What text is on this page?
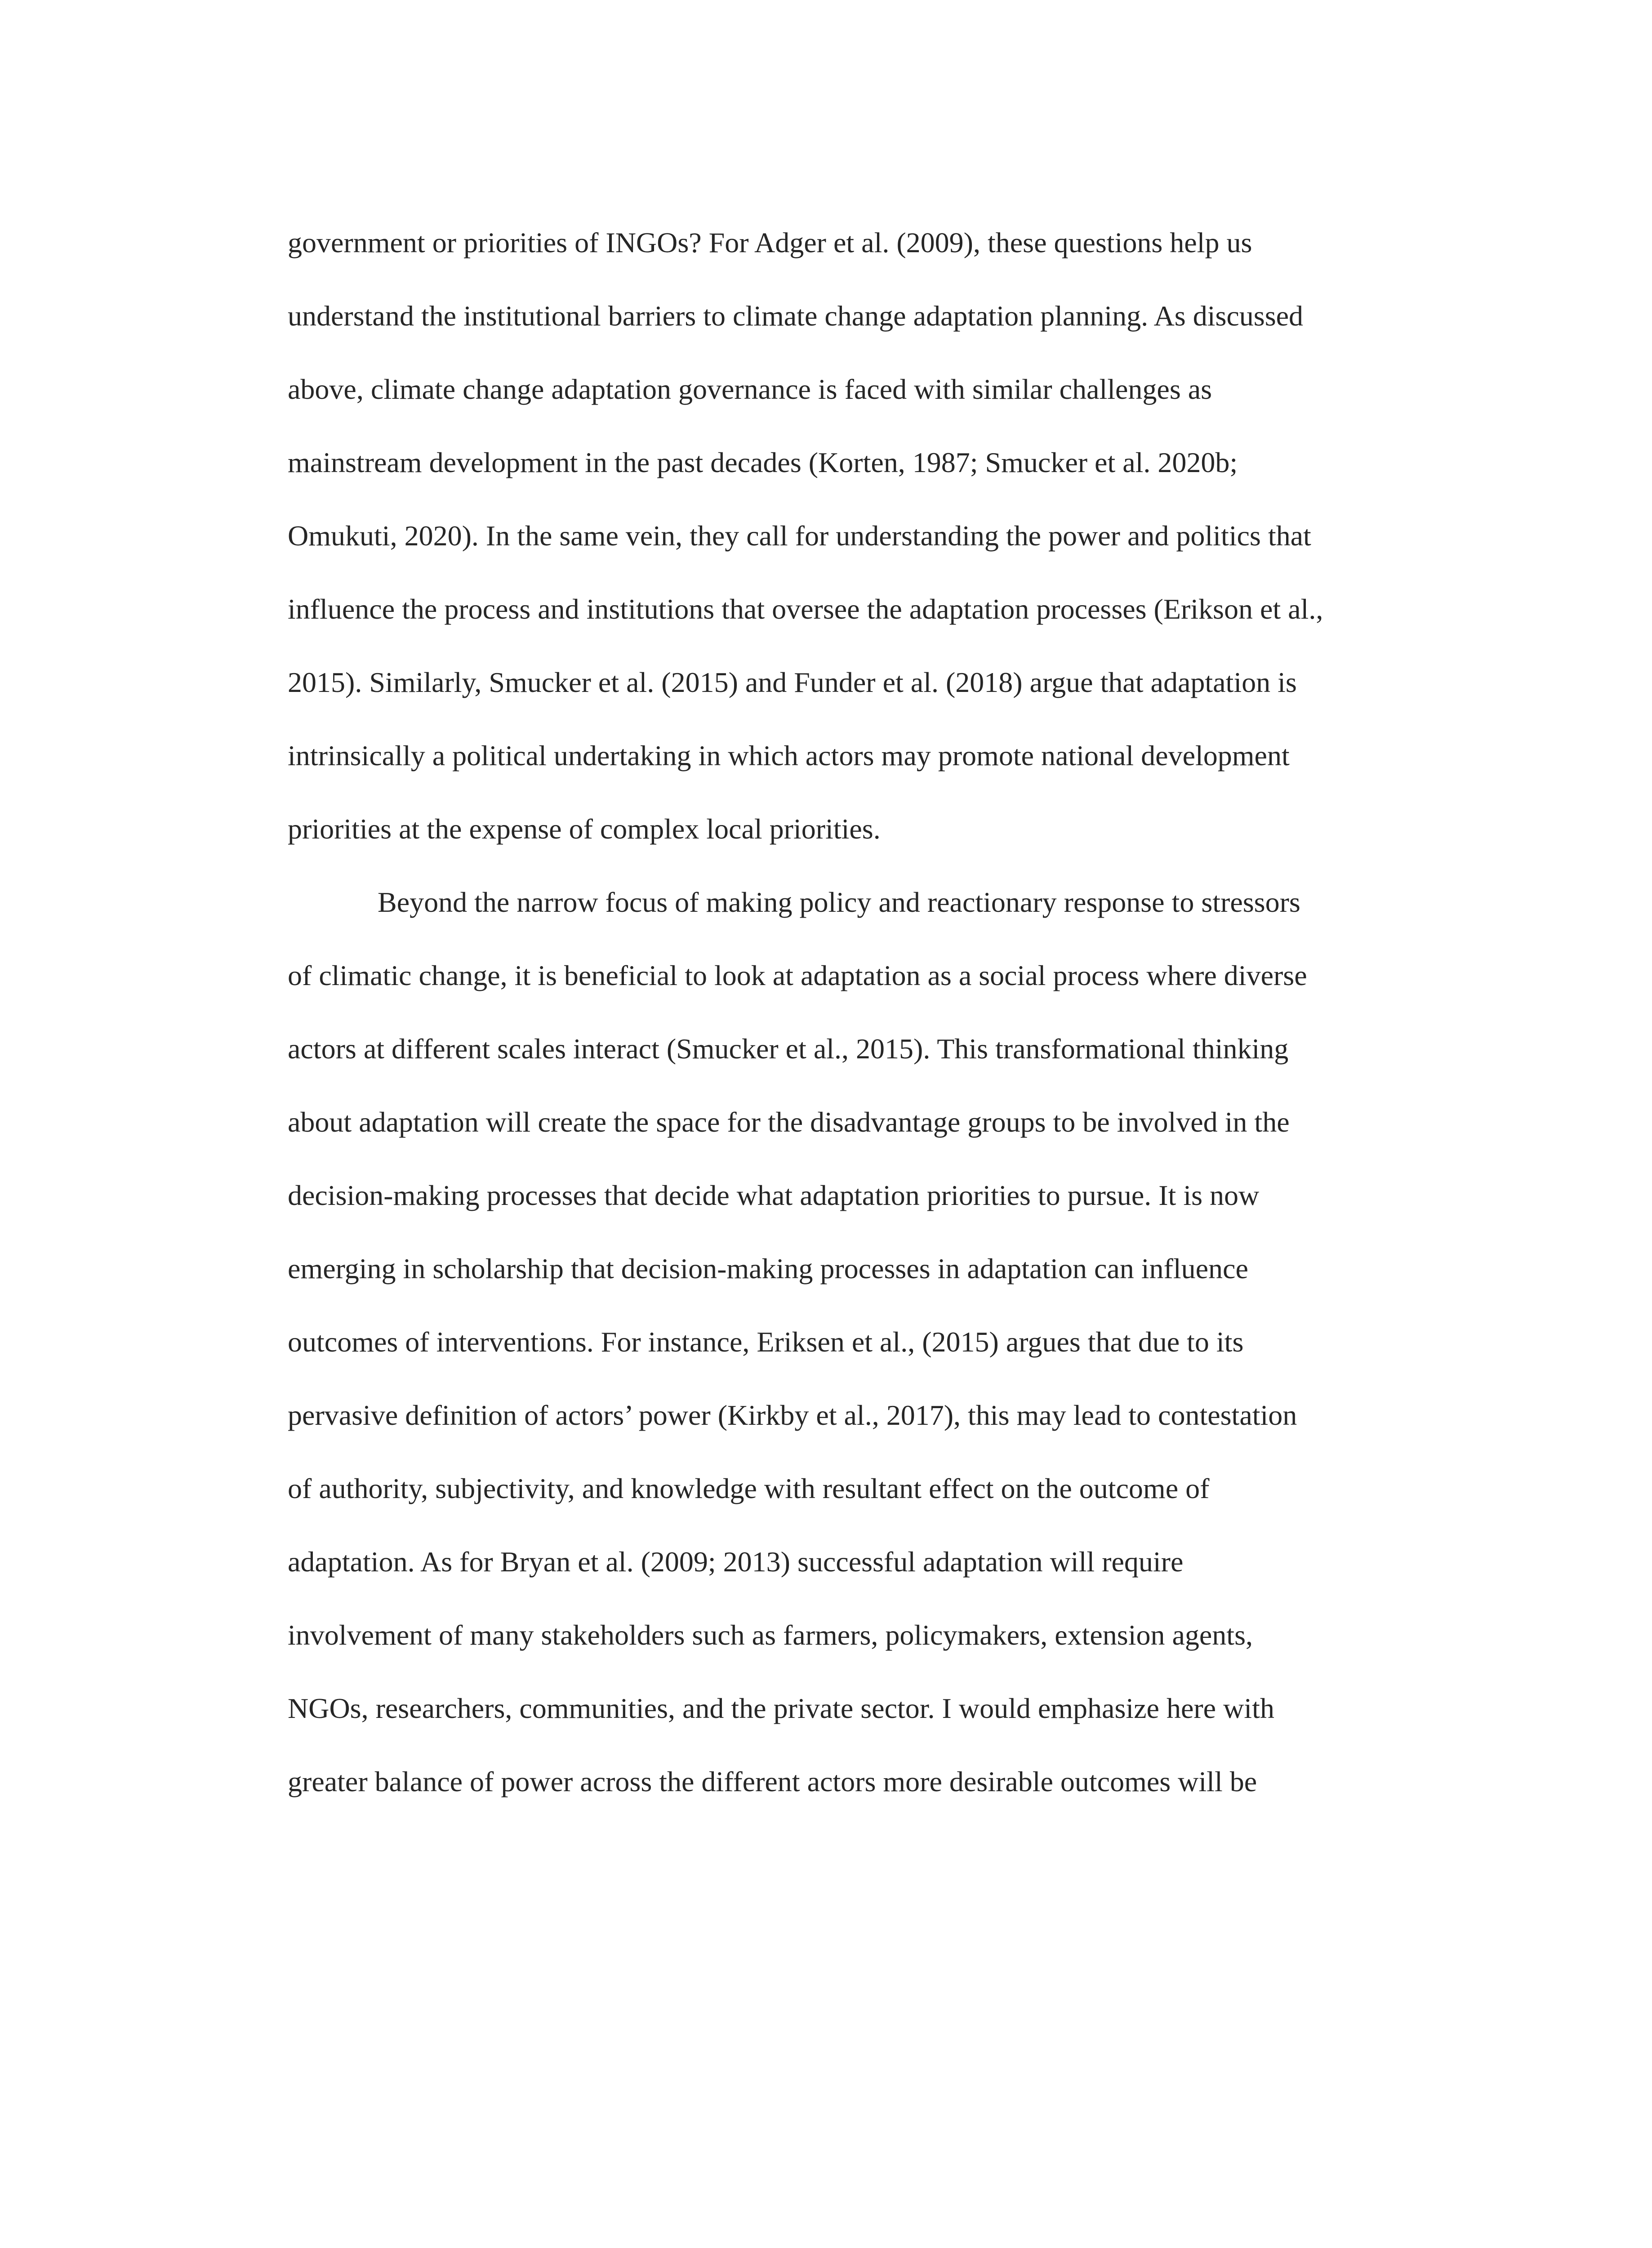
government or priorities of INGOs? For Adger et al. (2009), these questions help us
understand the institutional barriers to climate change adaptation planning. As discussed
above, climate change adaptation governance is faced with similar challenges as
mainstream development in the past decades (Korten, 1987; Smucker et al. 2020b;
Omukuti, 2020). In the same vein, they call for understanding the power and politics that
influence the process and institutions that oversee the adaptation processes (Erikson et al.,
2015). Similarly, Smucker et al. (2015) and Funder et al. (2018) argue that adaptation is
intrinsically a political undertaking in which actors may promote national development
priorities at the expense of complex local priorities.
Beyond the narrow focus of making policy and reactionary response to stressors
of climatic change, it is beneficial to look at adaptation as a social process where diverse
actors at different scales interact (Smucker et al., 2015). This transformational thinking
about adaptation will create the space for the disadvantage groups to be involved in the
decision-making processes that decide what adaptation priorities to pursue. It is now
emerging in scholarship that decision-making processes in adaptation can influence
outcomes of interventions. For instance, Eriksen et al., (2015) argues that due to its
pervasive definition of actors’ power (Kirkby et al., 2017), this may lead to contestation
of authority, subjectivity, and knowledge with resultant effect on the outcome of
adaptation. As for Bryan et al. (2009; 2013) successful adaptation will require
involvement of many stakeholders such as farmers, policymakers, extension agents,
NGOs, researchers, communities, and the private sector. I would emphasize here with
greater balance of power across the different actors more desirable outcomes will be
